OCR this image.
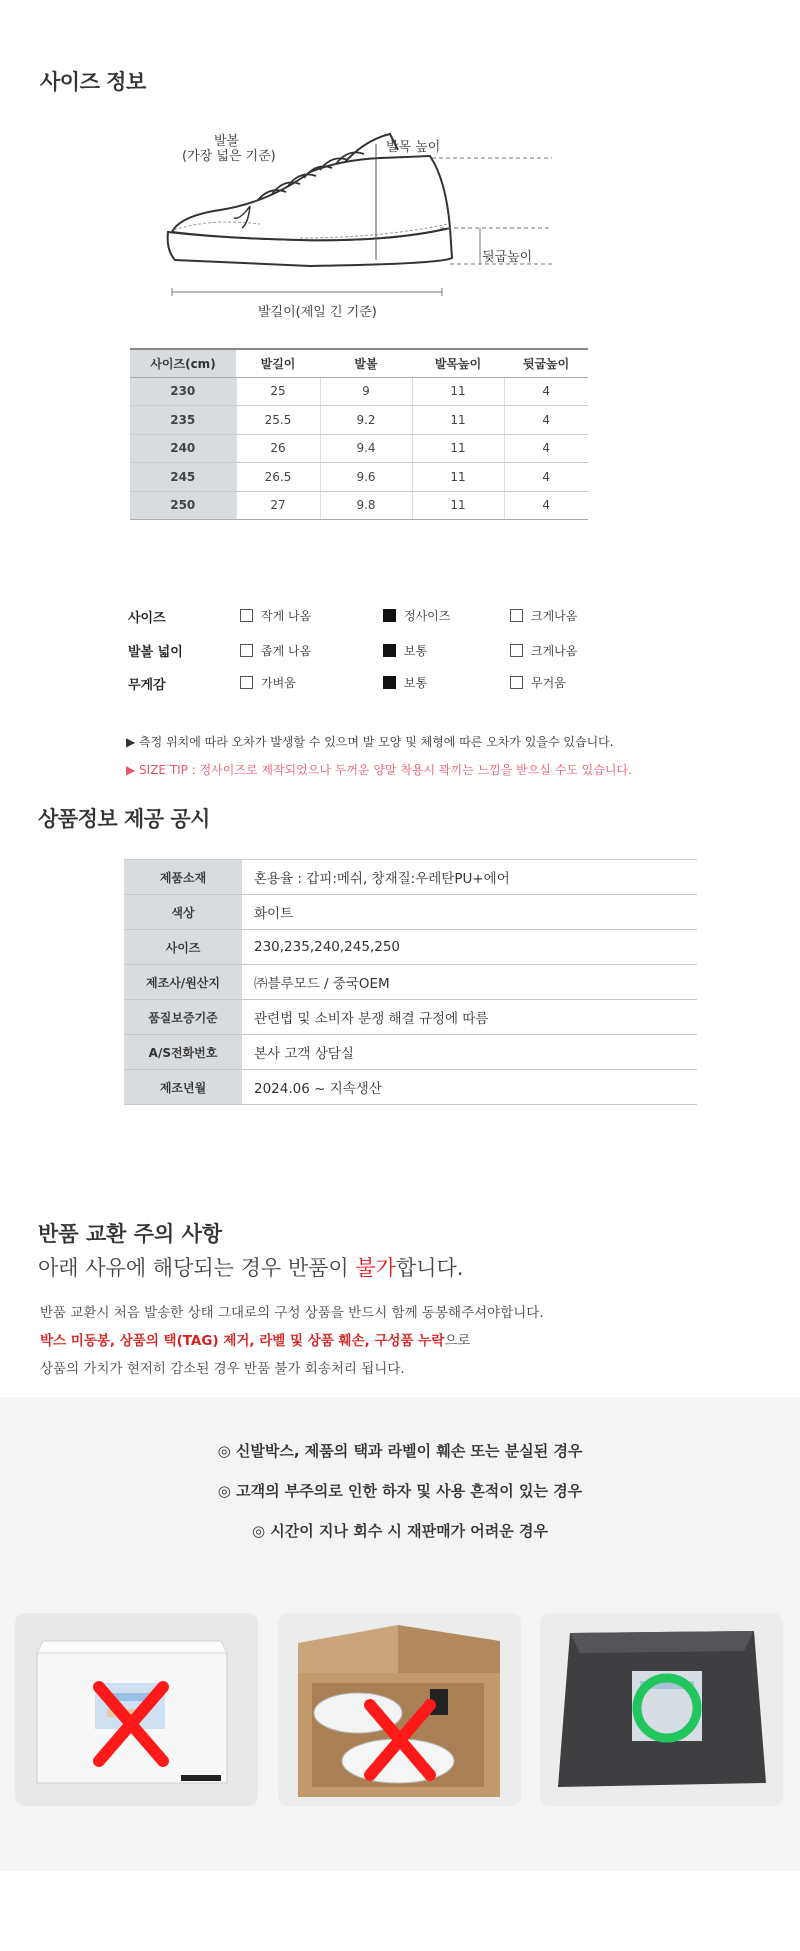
사이즈 정보
발볼
(가장 넓은 기준)
발목 높이
뒷굽높이
발길이(제일 긴 기준)
사이즈(cm)	발길이	발볼	발목높이	뒷굽높이
230	25	9	11	4
235	25.5	9.2	11	4
240	26	9.4	11	4
245	26.5	9.6	11	4
250	27	9.8	11	4
사이즈	작게 나옴	정사이즈	크게나옴
발볼 넓이	좁게 나옴	보통	크게나옴
무게감	가벼움	보통	무거움
▶ 측정 위치에 따라 오차가 발생할 수 있으며 발 모양 및 체형에 따른 오차가 있을수 있습니다.
▶ SIZE TIP : 정사이즈로 제작되었으나 두꺼운 양말 착용시 꽉끼는 느낌을 받으실 수도 있습니다.
상품정보 제공 공시
제품소재	혼용율 : 갑피:메쉬, 창재질:우레탄PU+에어
색상	화이트
사이즈	230,235,240,245,250
제조사/원산지	㈜블루모드 / 중국OEM
품질보증기준	관련법 및 소비자 분쟁 해결 규정에 따름
A/S전화번호	본사 고객 상담실
제조년월	2024.06 ~ 지속생산
반품 교환 주의 사항
아래 사유에 해당되는 경우 반품이 불가합니다.
반품 교환시 처음 발송한 상태 그대로의 구성 상품을 반드시 함께 동봉해주셔야합니다.
박스 미동봉, 상품의 택(TAG) 제거, 라벨 및 상품 훼손, 구성품 누락으로
상품의 가치가 현저히 감소된 경우 반품 불가 회송처리 됩니다.
◎ 신발박스, 제품의 택과 라벨이 훼손 또는 분실된 경우
◎ 고객의 부주의로 인한 하자 및 사용 흔적이 있는 경우
◎ 시간이 지나 회수 시 재판매가 어려운 경우
